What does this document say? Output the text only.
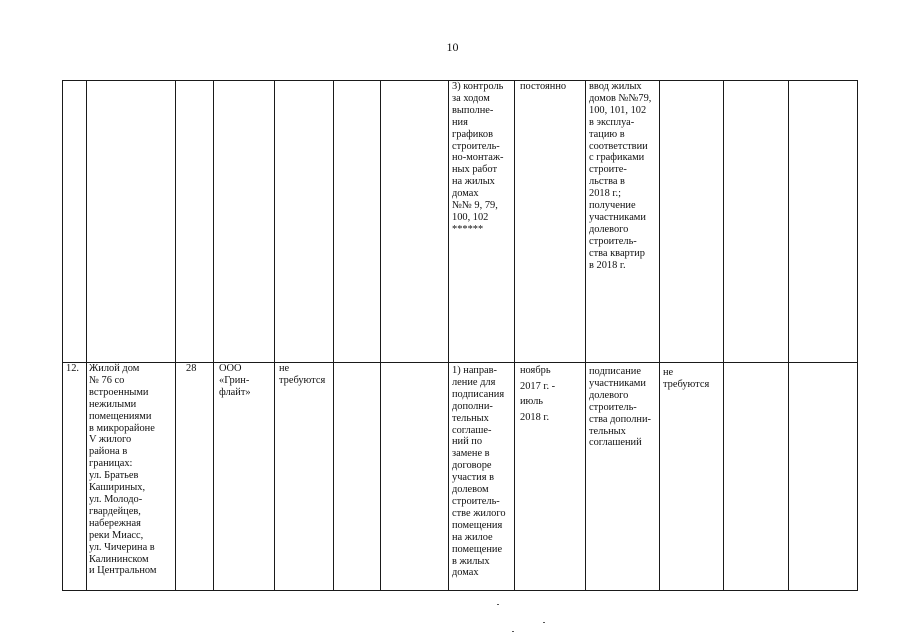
10
3) контроль
за ходом
выполне-
ния
графиков
строитель-
но-монтаж-
ных работ
на жилых
домах
№№ 9, 79,
100, 102
******
постоянно	ввод жилых
домов №№79,
100, 101, 102
в эксплуа-
тацию в
соответствии
с графиками
строите-
льства в
2018 г.;
получение
участниками
долевого
строитель-
ства квартир
в 2018 г.
12. Жилой дом
№ 76 со
встроенными
нежилыми
помещениями
в микрорайоне
V жилого
района в
границах:
ул. Братьев
Кашириных,
ул. Молодо-
гвардейцев,
набережная
реки Миасс,
ул. Чичерина в
Калининском
и Центральном
28	ООО
«Грин-
флайт»
не
требуются
1) направ-
ление для
подписания
дополни-
тельных
соглаше-
ний по
замене в
договоре
участия в
долевом
строитель-
стве жилого
помещения
на жилое
помещение
в жилых
домах
ноябрь
2017 г. -
июль
2018 г.
подписание
участниками
долевого
строитель-
ства дополни-
тельных
соглашений
не
требуются
